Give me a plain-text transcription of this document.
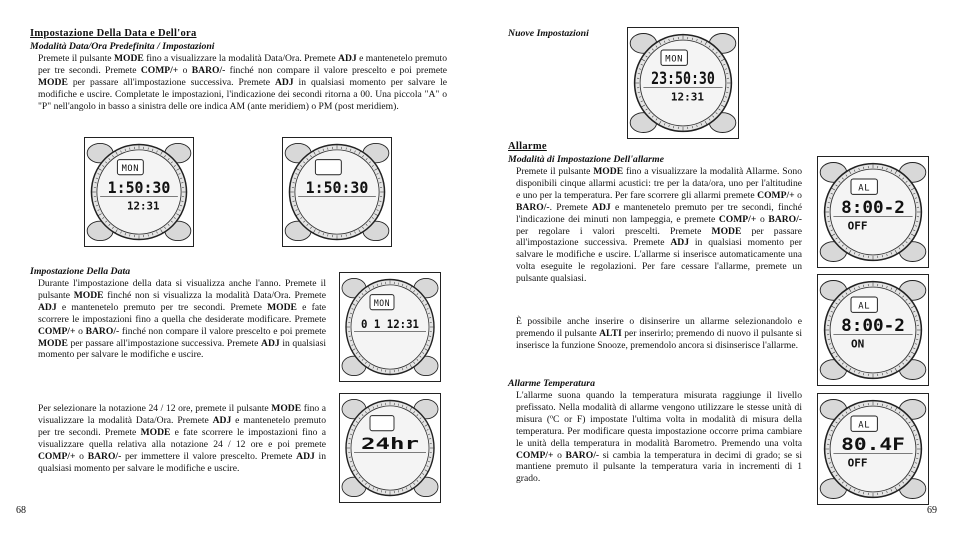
Impostazione Della Data e Dell'ora
Modalità Data/Ora Predefinita / Impostazioni

Premete il pulsante MODE fino a visualizzare la modalità Data/Ora. Premete ADJ e mantenetelo premuto per tre secondi. Premete COMP/+ o BARO/- finché non compare il valore prescelto e poi premete MODE per passare all'impostazione successiva. Premete ADJ in qualsiasi momento per salvare le modifiche e uscire. Completate le impostazioni, l'indicazione dei secondi ritorna a 00. Una piccola "A" o "P" nell'angolo in basso a sinistra delle ore indica AM (ante meridiem) o PM (post meridiem).

MON
1:50:30
12:31
1:50:30
Impostazione Della Data

Durante l'impostazione della data si visualizza anche l'anno. Premete il pulsante MODE finché non si visualizza la modalità Data/Ora. Premete ADJ e mantenetelo premuto per tre secondi. Premete MODE e fate scorrere le impostazioni fino a quella che desiderate modificare. Premete COMP/+ o BARO/- finché non compare il valore prescelto e poi premete MODE per passare all'impostazione successiva. Premete ADJ in qualsiasi momento per salvare le modifiche e uscire.

MON
0 1 12:31

Per selezionare la notazione 24 / 12 ore, premete il pulsante MODE fino a visualizzare la modalità Data/Ora. Premete ADJ e mantenetelo premuto per tre secondi. Premete MODE e fate scorrere le impostazioni fino a visualizzare quella relativa alla notazione 24 / 12 ore e poi premete COMP/+ o BARO/- per immettere il valore prescelto. Premete ADJ in qualsiasi momento per salvare le modifiche e uscire.

24hr
68
Nuove Impostazioni
MON
23:50:30
12:31
Allarme
Modalità di Impostazione Dell'allarme

Premete il pulsante MODE fino a visualizzare la modalità Allarme. Sono disponibili cinque allarmi acustici: tre per la data/ora, uno per l'altitudine e uno per la temperatura. Per fare scorrere gli allarmi premete COMP/+ o BARO/-. Premete ADJ e mantenetelo premuto per tre secondi, finché l'indicazione dei minuti non lampeggia, e premete COMP/+ o BARO/- per regolare i valori prescelti. Premete MODE per passare all'impostazione successiva. Premete ADJ in qualsiasi momento per salvare le modifiche e uscire. L'allarme si inserisce automaticamente una volta eseguite le regolazioni. Per fare cessare l'allarme, premete un pulsante qualsiasi.

AL
8:00-2
OFF
AL
8:00-2
ON

È possibile anche inserire o disinserire un allarme selezionandolo e premendo il pulsante ALTI per inserirlo; premendo di nuovo il pulsante si inserisce la funzione Snooze, premendolo ancora si disinserisce l'allarme.

Allarme Temperatura

L'allarme suona quando la temperatura misurata raggiunge il livello prefissato. Nella modalità di allarme vengono utilizzare le stesse unità di misura (ºC or F) impostate l'ultima volta in modalità di misura della temperatura. Per modificare questa impostazione occorre prima cambiare le unità della temperatura in modalità Barometro. Premendo una volta COMP/+ o BARO/- si cambia la temperatura in decimi di grado; se si mantiene premuto il pulsante la temperatura varia in incrementi di 1 grado.

AL
80.4F
OFF
69
